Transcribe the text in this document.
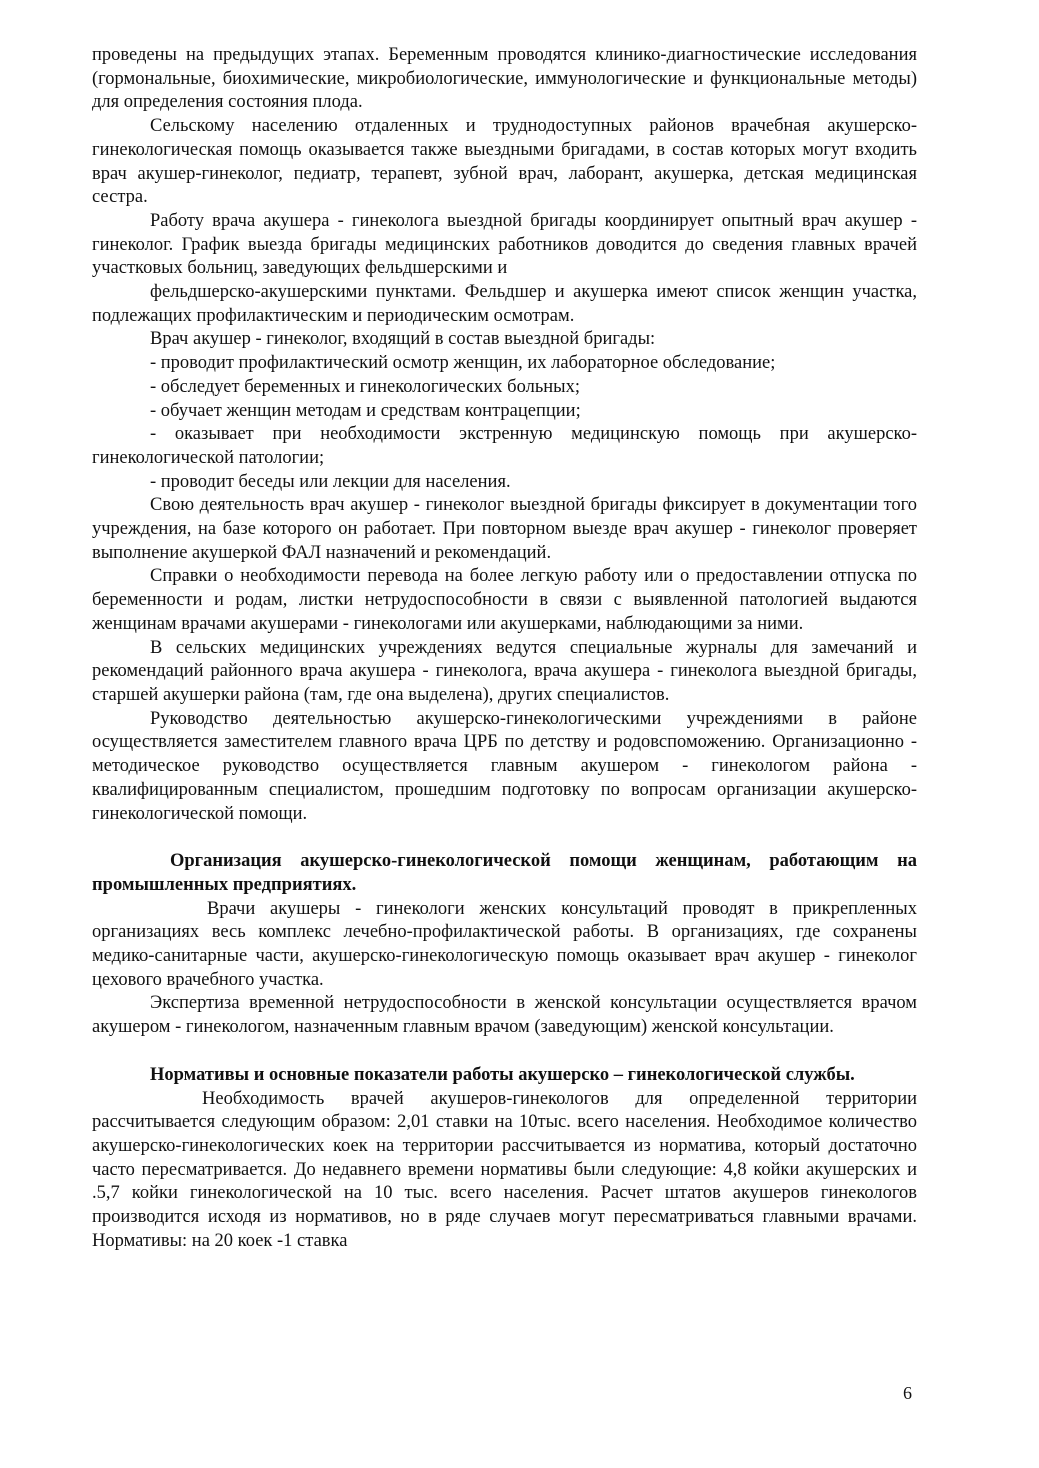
проведены на предыдущих этапах. Беременным проводятся клинико-диагностические исследования (гормональные, биохимические, микробиологические, иммунологические и функциональные методы) для определения состояния плода.

Сельскому населению отдаленных и труднодоступных районов врачебная акушерско-гинекологическая помощь оказывается также выездными бригадами, в состав которых могут входить врач акушер-гинеколог, педиатр, терапевт, зубной врач, лаборант, акушерка, детская медицинская сестра.

Работу врача акушера - гинеколога выездной бригады координирует опытный врач акушер - гинеколог. График выезда бригады медицинских работников доводится до сведения главных врачей участковых больниц, заведующих фельдшерскими и

фельдшерско-акушерскими пунктами. Фельдшер и акушерка имеют список женщин участка, подлежащих профилактическим и периодическим осмотрам.

Врач акушер - гинеколог, входящий в состав выездной бригады:

- проводит профилактический осмотр женщин, их лабораторное обследование;

- обследует беременных и гинекологических больных;

- обучает женщин методам и средствам контрацепции;

- оказывает при необходимости экстренную медицинскую помощь при акушерско-гинекологической патологии;

- проводит беседы или лекции для населения.

Свою деятельность врач акушер - гинеколог выездной бригады фиксирует в документации того учреждения, на базе которого он работает. При повторном выезде врач акушер - гинеколог проверяет выполнение акушеркой ФАЛ назначений и рекомендаций.

Справки о необходимости перевода на более легкую работу или о предоставлении отпуска по беременности и родам, листки нетрудоспособности в связи с выявленной патологией выдаются женщинам врачами акушерами - гинекологами или акушерками, наблюдающими за ними.

В сельских медицинских учреждениях ведутся специальные журналы для замечаний и рекомендаций районного врача акушера - гинеколога, врача акушера - гинеколога выездной бригады, старшей акушерки района (там, где она выделена), других специалистов.

Руководство деятельностью акушерско-гинекологическими учреждениями в районе осуществляется заместителем главного врача ЦРБ по детству и родовспоможению. Организационно - методическое руководство осуществляется главным акушером - гинекологом района - квалифицированным специалистом, прошедшим подготовку по вопросам организации акушерско-гинекологической помощи.

Организация акушерско-гинекологической помощи женщинам, работающим на промышленных предприятиях.

Врачи акушеры - гинекологи женских консультаций проводят в прикрепленных организациях весь комплекс лечебно-профилактической работы. В организациях, где сохранены медико-санитарные части, акушерско-гинекологическую помощь оказывает врач акушер - гинеколог цехового врачебного участка.

Экспертиза временной нетрудоспособности в женской консультации осуществляется врачом акушером - гинекологом, назначенным главным врачом (заведующим) женской консультации.

Нормативы и основные показатели работы акушерско – гинекологической службы.

Необходимость врачей акушеров-гинекологов для определенной территории рассчитывается следующим образом: 2,01 ставки на 10тыс. всего населения. Необходимое количество акушерско-гинекологических коек на территории рассчитывается из норматива, который достаточно часто пересматривается. До недавнего времени нормативы были следующие: 4,8 койки акушерских и .5,7 койки гинекологической на 10 тыс. всего населения. Расчет штатов акушеров гинекологов производится исходя из нормативов, но в ряде случаев могут пересматриваться главными врачами. Нормативы: на 20 коек -1 ставка

6
